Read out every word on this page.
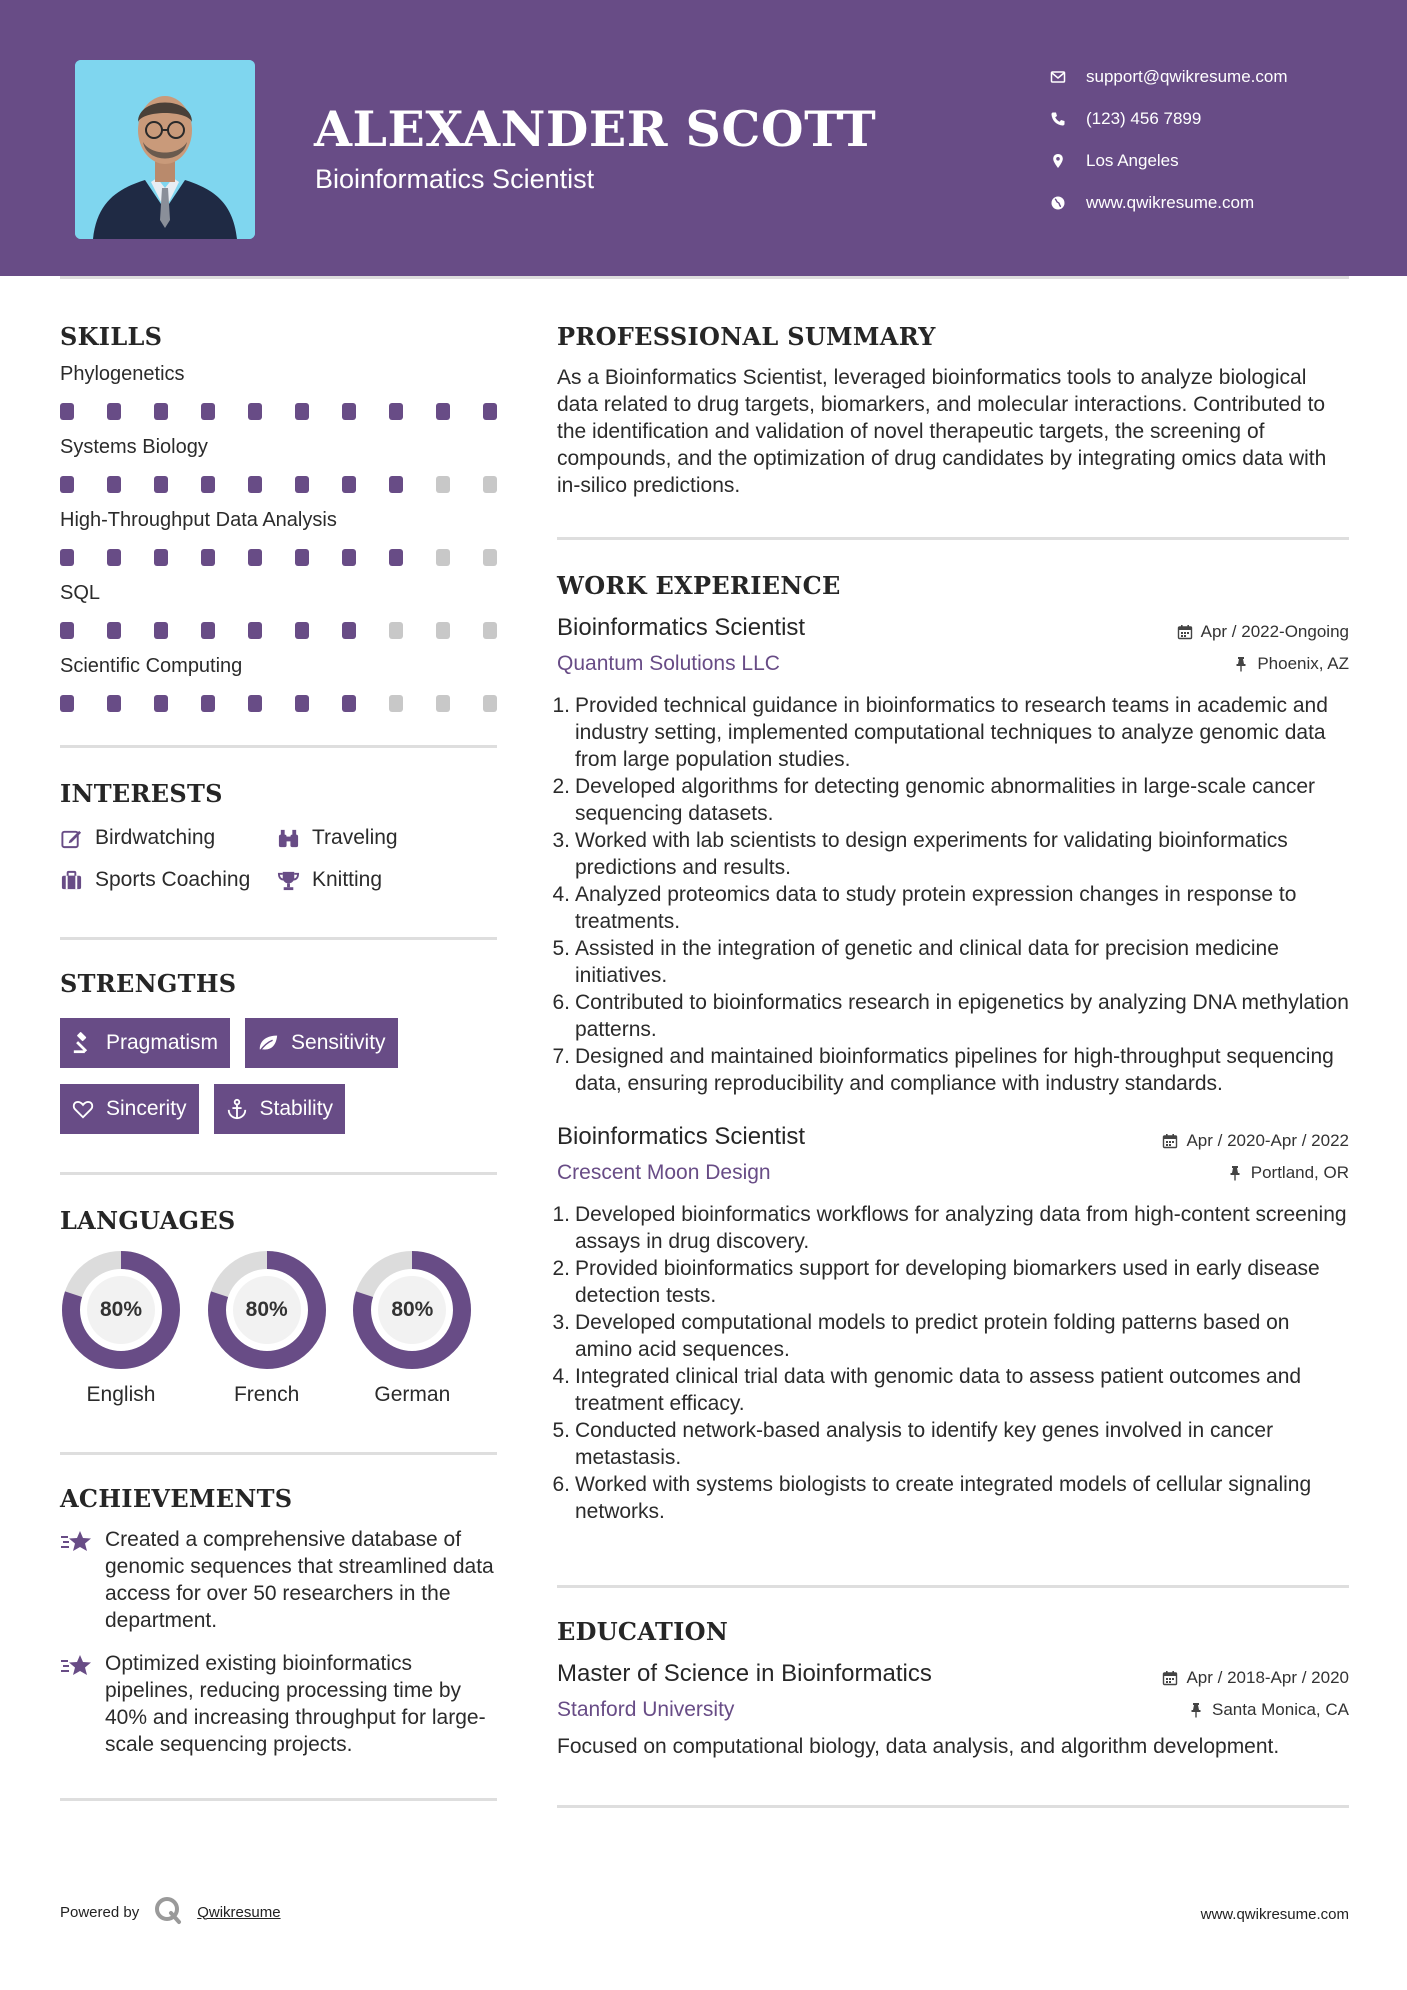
ALEXANDER SCOTT
Bioinformatics Scientist
support@qwikresume.com
(123) 456 7899
Los Angeles
www.qwikresume.com
SKILLS
Phylogenetics
Systems Biology
High-Throughput Data Analysis
SQL
Scientific Computing
INTERESTS
Birdwatching	Traveling
Sports Coaching	Knitting
STRENGTHS
Pragmatism	Sensitivity
Sincerity	Stability
LANGUAGES
80%
English
80%
French
80%
German
ACHIEVEMENTS
Created a comprehensive database of genomic sequences that streamlined data access for over 50 researchers in the department.
Optimized existing bioinformatics pipelines, reducing processing time by 40% and increasing throughput for large-scale sequencing projects.
PROFESSIONAL SUMMARY
As a Bioinformatics Scientist, leveraged bioinformatics tools to analyze biological data related to drug targets, biomarkers, and molecular interactions. Contributed to the identification and validation of novel therapeutic targets, the screening of compounds, and the optimization of drug candidates by integrating omics data with in-silico predictions.
WORK EXPERIENCE
Bioinformatics Scientist	Apr / 2022-Ongoing
Quantum Solutions LLC	Phoenix, AZ
1. Provided technical guidance in bioinformatics to research teams in academic and industry setting, implemented computational techniques to analyze genomic data from large population studies.
2. Developed algorithms for detecting genomic abnormalities in large-scale cancer sequencing datasets.
3. Worked with lab scientists to design experiments for validating bioinformatics predictions and results.
4. Analyzed proteomics data to study protein expression changes in response to treatments.
5. Assisted in the integration of genetic and clinical data for precision medicine initiatives.
6. Contributed to bioinformatics research in epigenetics by analyzing DNA methylation patterns.
7. Designed and maintained bioinformatics pipelines for high-throughput sequencing data, ensuring reproducibility and compliance with industry standards.
Bioinformatics Scientist	Apr / 2020-Apr / 2022
Crescent Moon Design	Portland, OR
1. Developed bioinformatics workflows for analyzing data from high-content screening assays in drug discovery.
2. Provided bioinformatics support for developing biomarkers used in early disease detection tests.
3. Developed computational models to predict protein folding patterns based on amino acid sequences.
4. Integrated clinical trial data with genomic data to assess patient outcomes and treatment efficacy.
5. Conducted network-based analysis to identify key genes involved in cancer metastasis.
6. Worked with systems biologists to create integrated models of cellular signaling networks.
EDUCATION
Master of Science in Bioinformatics	Apr / 2018-Apr / 2020
Stanford University	Santa Monica, CA
Focused on computational biology, data analysis, and algorithm development.
Powered by	Qwikresume	www.qwikresume.com
